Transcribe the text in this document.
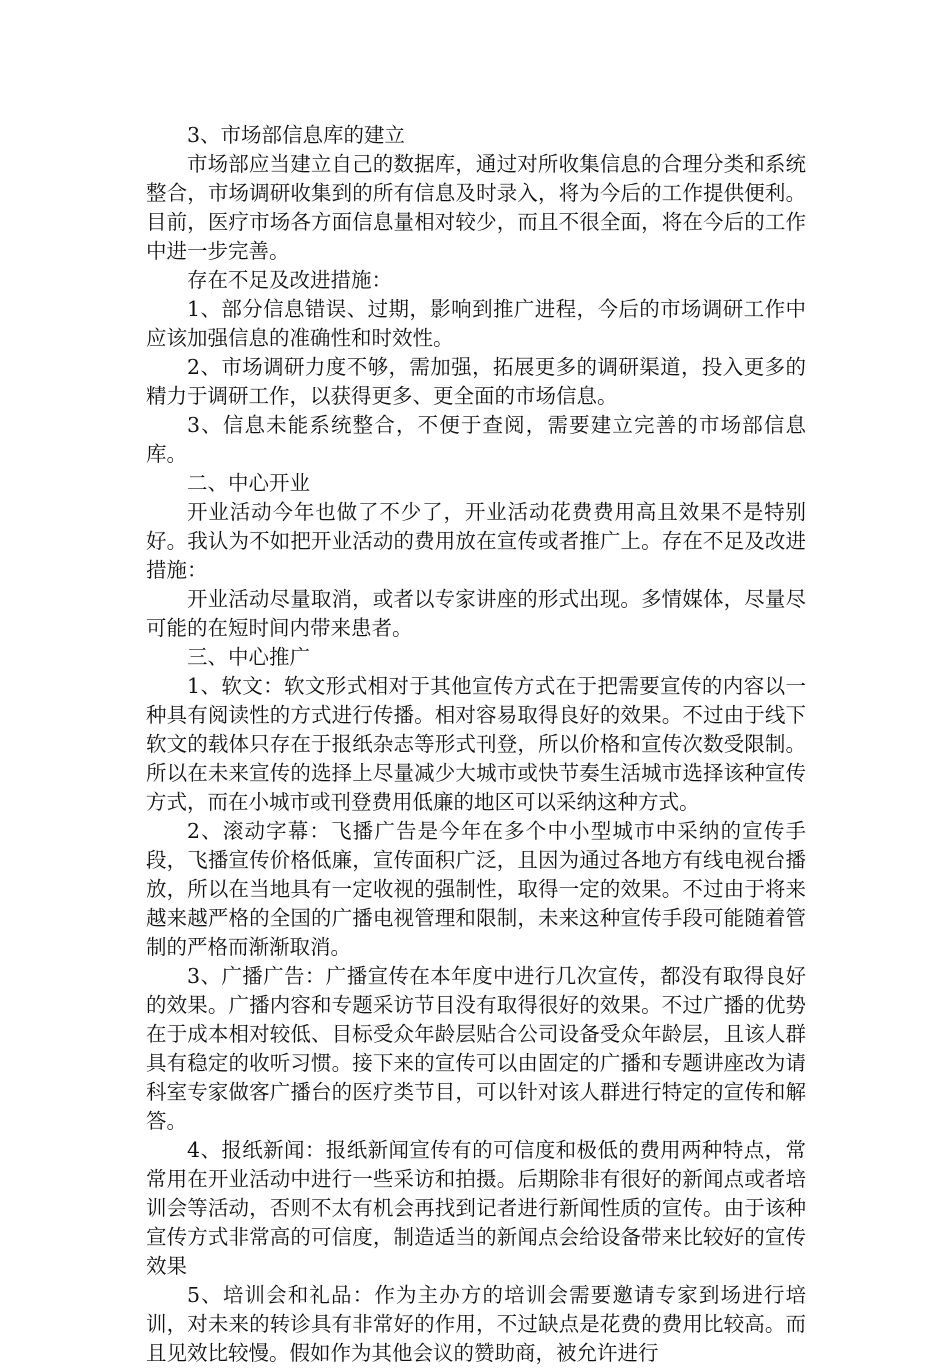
3、市场部信息库的建立

市场部应当建立自己的数据库，通过对所收集信息的合理分类和系统整合，市场调研收集到的所有信息及时录入，将为今后的工作提供便利。目前，医疗市场各方面信息量相对较少，而且不很全面，将在今后的工作中进一步完善。

存在不足及改进措施：

1、部分信息错误、过期，影响到推广进程，今后的市场调研工作中应该加强信息的准确性和时效性。

2、市场调研力度不够，需加强，拓展更多的调研渠道，投入更多的精力于调研工作，以获得更多、更全面的市场信息。

3、信息未能系统整合，不便于查阅，需要建立完善的市场部信息库。

二、中心开业

开业活动今年也做了不少了，开业活动花费费用高且效果不是特别好。我认为不如把开业活动的费用放在宣传或者推广上。存在不足及改进措施：

开业活动尽量取消，或者以专家讲座的形式出现。多情媒体，尽量尽可能的在短时间内带来患者。

三、中心推广

1、软文：软文形式相对于其他宣传方式在于把需要宣传的内容以一种具有阅读性的方式进行传播。相对容易取得良好的效果。不过由于线下软文的载体只存在于报纸杂志等形式刊登，所以价格和宣传次数受限制。所以在未来宣传的选择上尽量减少大城市或快节奏生活城市选择该种宣传方式，而在小城市或刊登费用低廉的地区可以采纳这种方式。

2、滚动字幕：飞播广告是今年在多个中小型城市中采纳的宣传手段，飞播宣传价格低廉，宣传面积广泛，且因为通过各地方有线电视台播放，所以在当地具有一定收视的强制性，取得一定的效果。不过由于将来越来越严格的全国的广播电视管理和限制，未来这种宣传手段可能随着管制的严格而渐渐取消。

3、广播广告：广播宣传在本年度中进行几次宣传，都没有取得良好的效果。广播内容和专题采访节目没有取得很好的效果。不过广播的优势在于成本相对较低、目标受众年龄层贴合公司设备受众年龄层，且该人群具有稳定的收听习惯。接下来的宣传可以由固定的广播和专题讲座改为请科室专家做客广播台的医疗类节目，可以针对该人群进行特定的宣传和解答。

4、报纸新闻：报纸新闻宣传有的可信度和极低的费用两种特点，常常用在开业活动中进行一些采访和拍摄。后期除非有很好的新闻点或者培训会等活动，否则不太有机会再找到记者进行新闻性质的宣传。由于该种宣传方式非常高的可信度，制造适当的新闻点会给设备带来比较好的宣传效果

5、培训会和礼品：作为主办方的培训会需要邀请专家到场进行培训，对未来的转诊具有非常好的作用，不过缺点是花费的费用比较高。而且见效比较慢。假如作为其他会议的赞助商，被允许进行
